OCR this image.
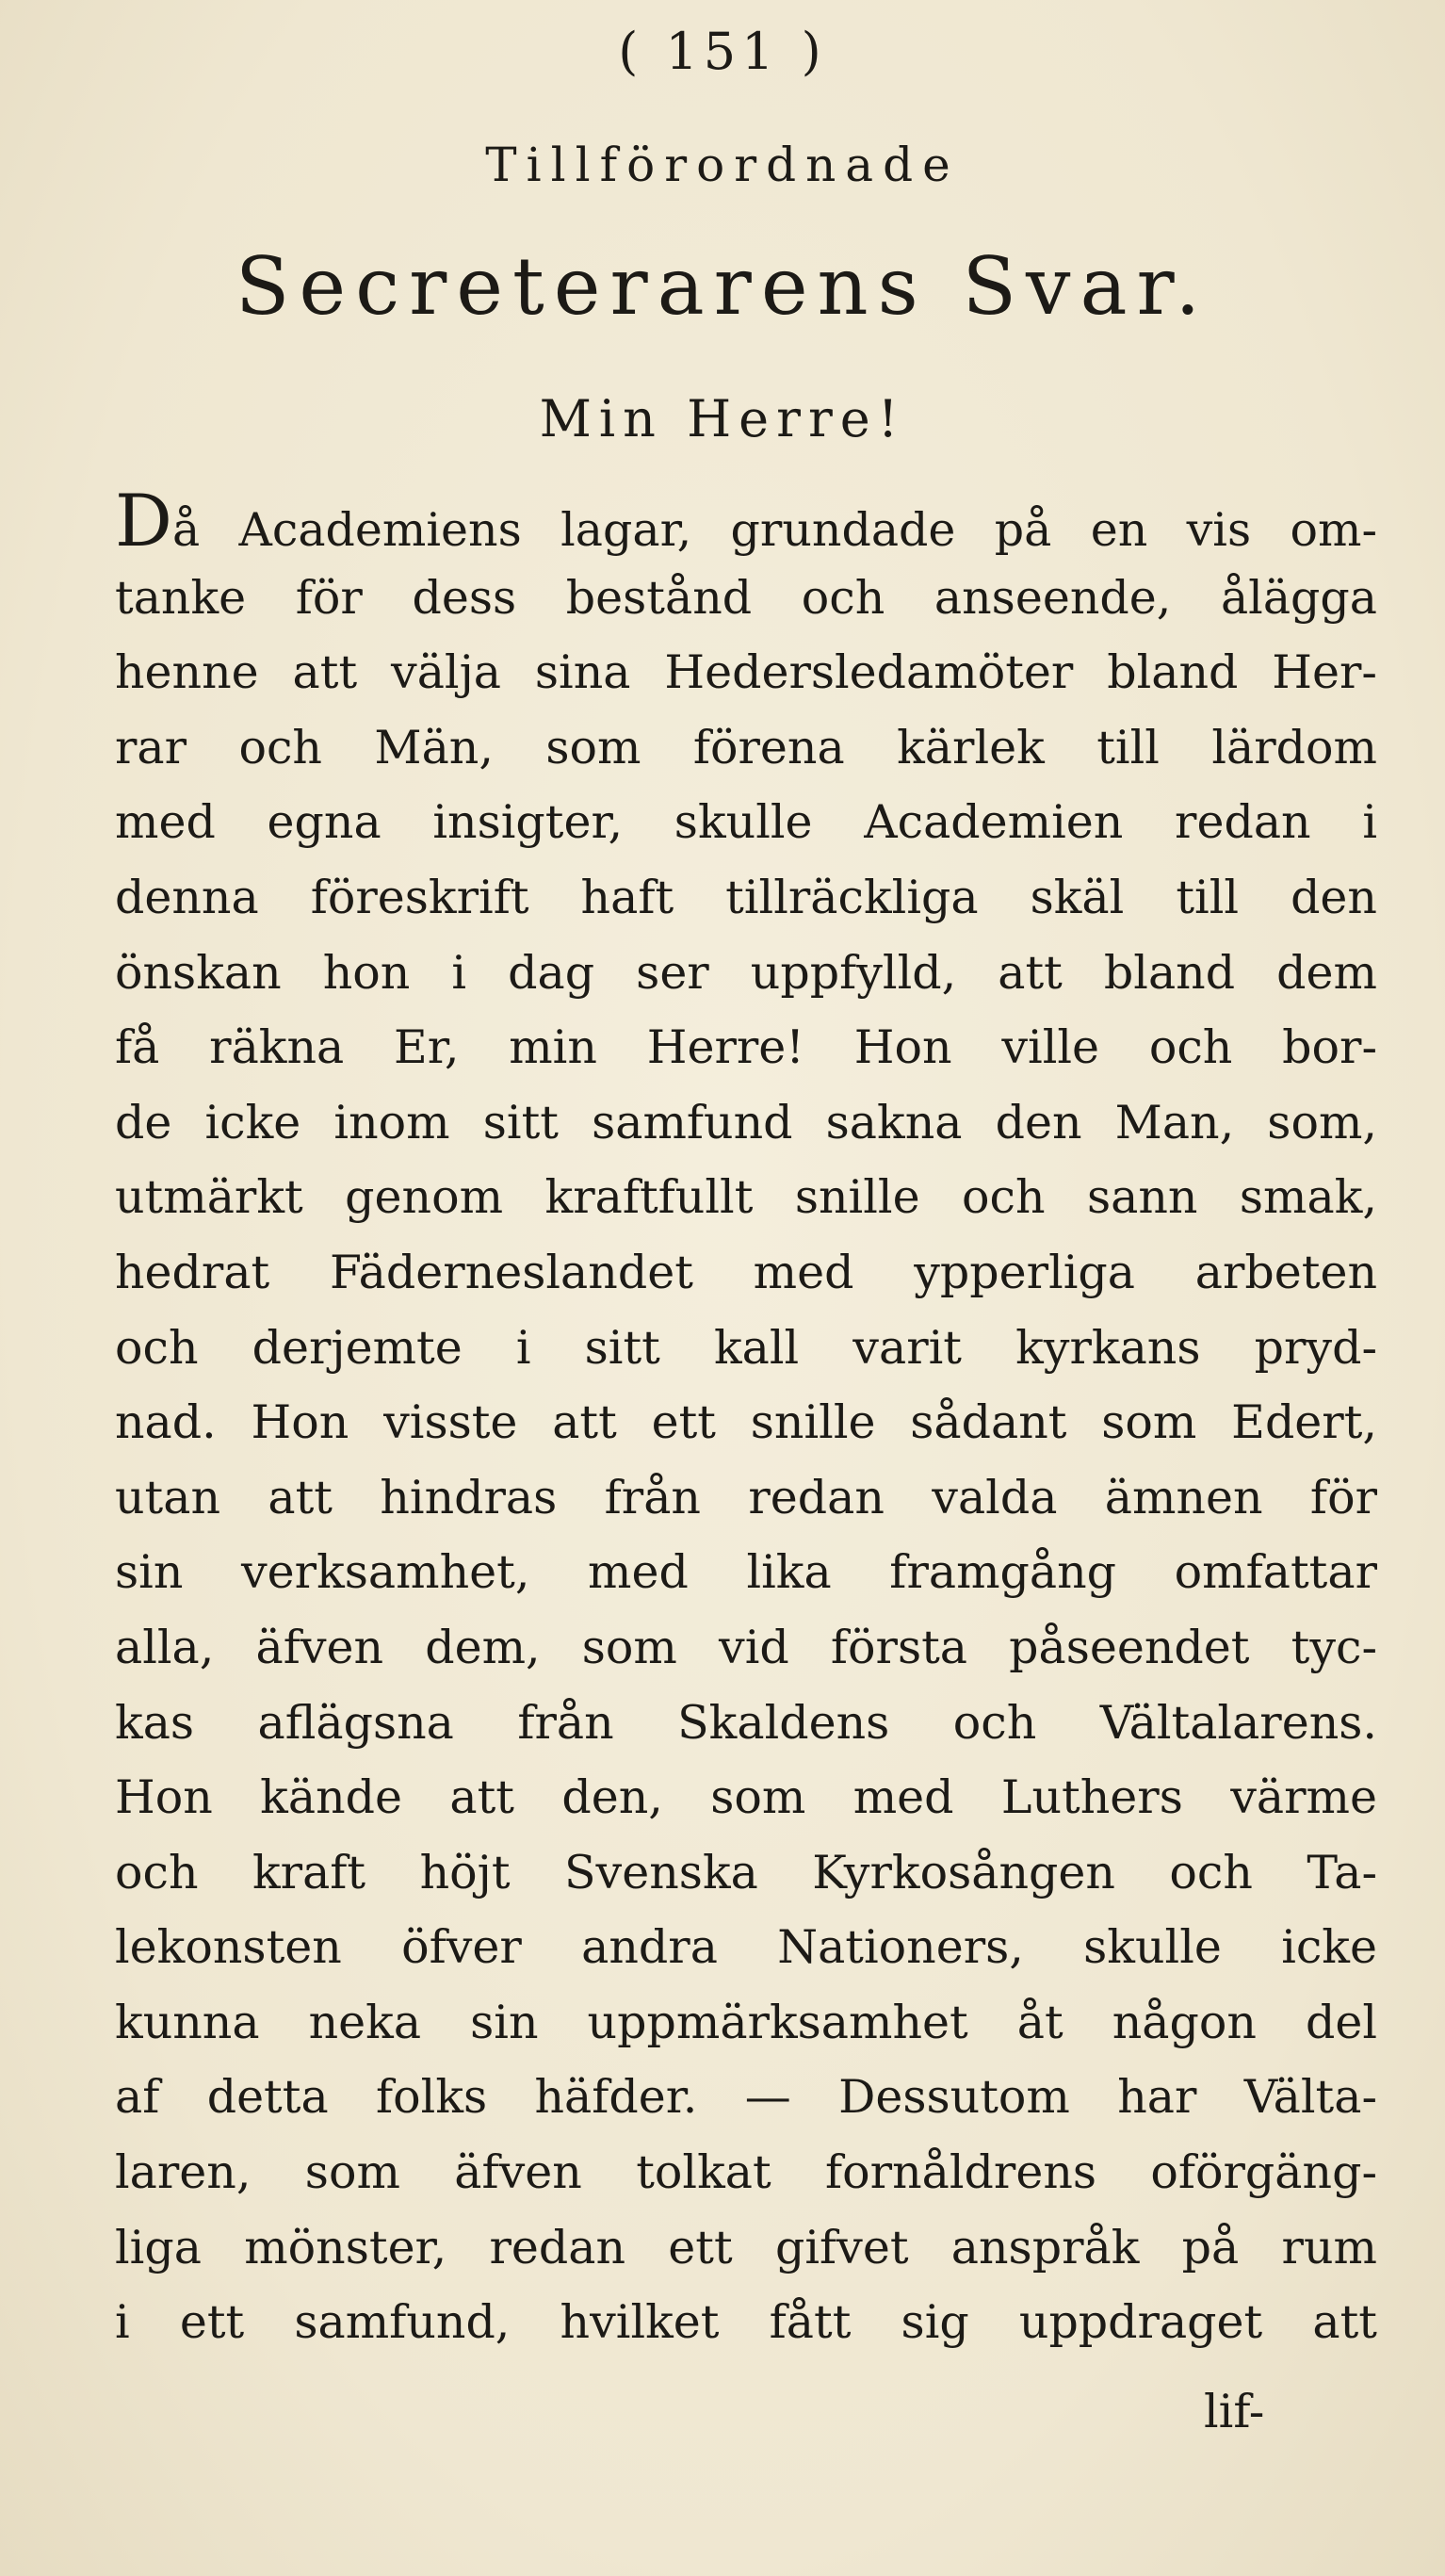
( 151 )
Tillförordnade
Secreterarens Svar.
Min Herre!
Då Academiens lagar, grundade på en vis om-
tanke för dess bestånd och anseende, ålägga
henne att välja sina Hedersledamöter bland Her-
rar och Män, som förena kärlek till lärdom
med egna insigter, skulle Academien redan i
denna föreskrift haft tillräckliga skäl till den
önskan hon i dag ser uppfylld, att bland dem
få räkna Er, min Herre! Hon ville och bor-
de icke inom sitt samfund sakna den Man, som,
utmärkt genom kraftfullt snille och sann smak,
hedrat Fäderneslandet med ypperliga arbeten
och derjemte i sitt kall varit kyrkans pryd-
nad. Hon visste att ett snille sådant som Edert,
utan att hindras från redan valda ämnen för
sin verksamhet, med lika framgång omfattar
alla, äfven dem, som vid första påseendet tyc-
kas aflägsna från Skaldens och Vältalarens.
Hon kände att den, som med Luthers värme
och kraft höjt Svenska Kyrkosången och Ta-
lekonsten öfver andra Nationers, skulle icke
kunna neka sin uppmärksamhet åt någon del
af detta folks häfder. — Dessutom har Välta-
laren, som äfven tolkat fornåldrens oförgäng-
liga mönster, redan ett gifvet anspråk på rum
i ett samfund, hvilket fått sig uppdraget att
lif-
